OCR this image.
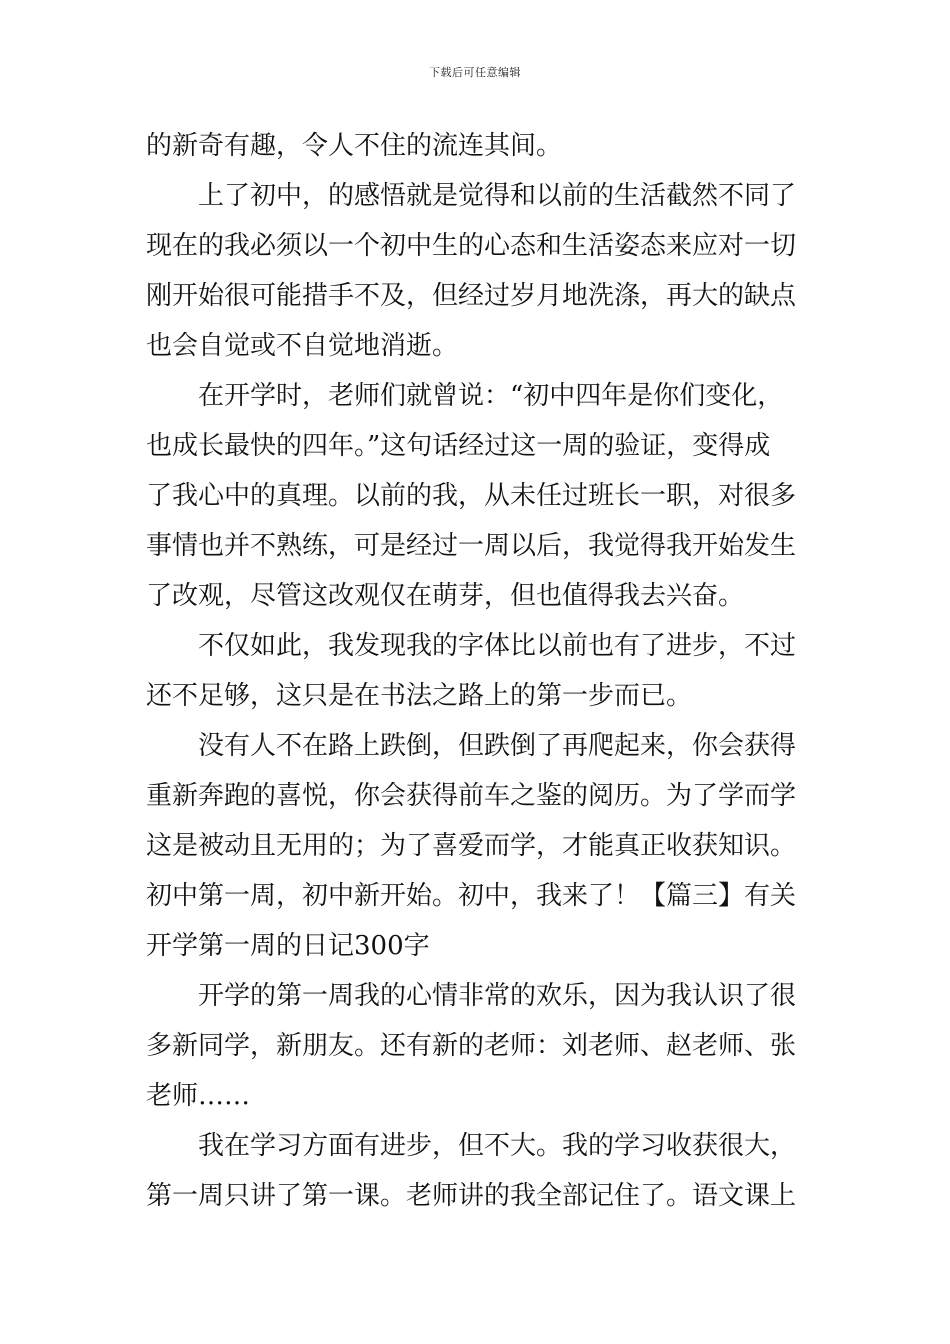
下载后可任意编辑
的新奇有趣，令人不住的流连其间。
上了初中，的感悟就是觉得和以前的生活截然不同了
现在的我必须以一个初中生的心态和生活姿态来应对一切
刚开始很可能措手不及，但经过岁月地洗涤，再大的缺点
也会自觉或不自觉地消逝。
在开学时，老师们就曾说：“初中四年是你们变化，
也成长最快的四年。”这句话经过这一周的验证，变得成
了我心中的真理。以前的我，从未任过班长一职，对很多
事情也并不熟练，可是经过一周以后，我觉得我开始发生
了改观，尽管这改观仅在萌芽，但也值得我去兴奋。
不仅如此，我发现我的字体比以前也有了进步，不过
还不足够，这只是在书法之路上的第一步而已。
没有人不在路上跌倒，但跌倒了再爬起来，你会获得
重新奔跑的喜悦，你会获得前车之鉴的阅历。为了学而学
这是被动且无用的；为了喜爱而学，才能真正收获知识。
初中第一周，初中新开始。初中，我来了！【篇三】有关
开学第一周的日记300字
开学的第一周我的心情非常的欢乐，因为我认识了很
多新同学，新朋友。还有新的老师：刘老师、赵老师、张
老师……
我在学习方面有进步，但不大。我的学习收获很大，
第一周只讲了第一课。老师讲的我全部记住了。语文课上
